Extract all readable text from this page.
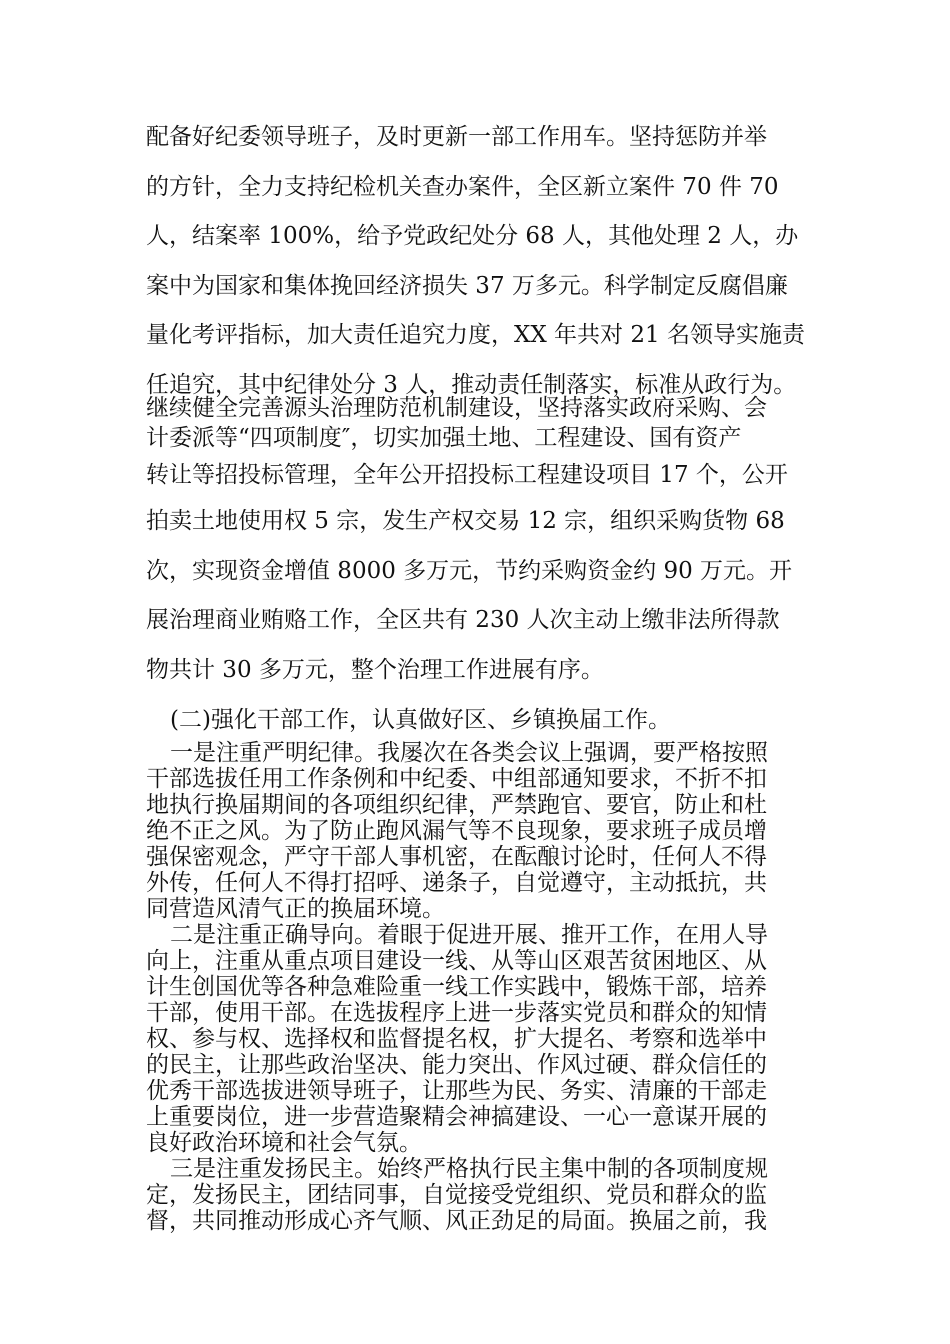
配备好纪委领导班子，及时更新一部工作用车。坚持惩防并举
的方针，全力支持纪检机关查办案件，全区新立案件 70 件 70
人，结案率 100%，给予党政纪处分 68 人，其他处理 2 人，办
案中为国家和集体挽回经济损失 37 万多元。科学制定反腐倡廉
量化考评指标，加大责任追究力度，XX 年共对 21 名领导实施责
任追究，其中纪律处分 3 人，推动责任制落实，标准从政行为。
继续健全完善源头治理防范机制建设，坚持落实政府采购、会
计委派等“四项制度″，切实加强土地、工程建设、国有资产
转让等招投标管理，全年公开招投标工程建设项目 17 个，公开
拍卖土地使用权 5 宗，发生产权交易 12 宗，组织采购货物 68
次，实现资金增值 8000 多万元，节约采购资金约 90 万元。开
展治理商业贿赂工作，全区共有 230 人次主动上缴非法所得款
物共计 30 多万元，整个治理工作进展有序。
(二)强化干部工作，认真做好区、乡镇换届工作。
一是注重严明纪律。我屡次在各类会议上强调，要严格按照
干部选拔任用工作条例和中纪委、中组部通知要求，不折不扣
地执行换届期间的各项组织纪律，严禁跑官、要官，防止和杜
绝不正之风。为了防止跑风漏气等不良现象，要求班子成员增
强保密观念，严守干部人事机密，在酝酿讨论时，任何人不得
外传，任何人不得打招呼、递条子，自觉遵守，主动抵抗，共
同营造风清气正的换届环境。
二是注重正确导向。着眼于促进开展、推开工作，在用人导
向上，注重从重点项目建设一线、从等山区艰苦贫困地区、从
计生创国优等各种急难险重一线工作实践中，锻炼干部，培养
干部，使用干部。在选拔程序上进一步落实党员和群众的知情
权、参与权、选择权和监督提名权，扩大提名、考察和选举中
的民主，让那些政治坚决、能力突出、作风过硬、群众信任的
优秀干部选拔进领导班子，让那些为民、务实、清廉的干部走
上重要岗位，进一步营造聚精会神搞建设、一心一意谋开展的
良好政治环境和社会气氛。
三是注重发扬民主。始终严格执行民主集中制的各项制度规
定，发扬民主，团结同事，自觉接受党组织、党员和群众的监
督，共同推动形成心齐气顺、风正劲足的局面。换届之前，我
